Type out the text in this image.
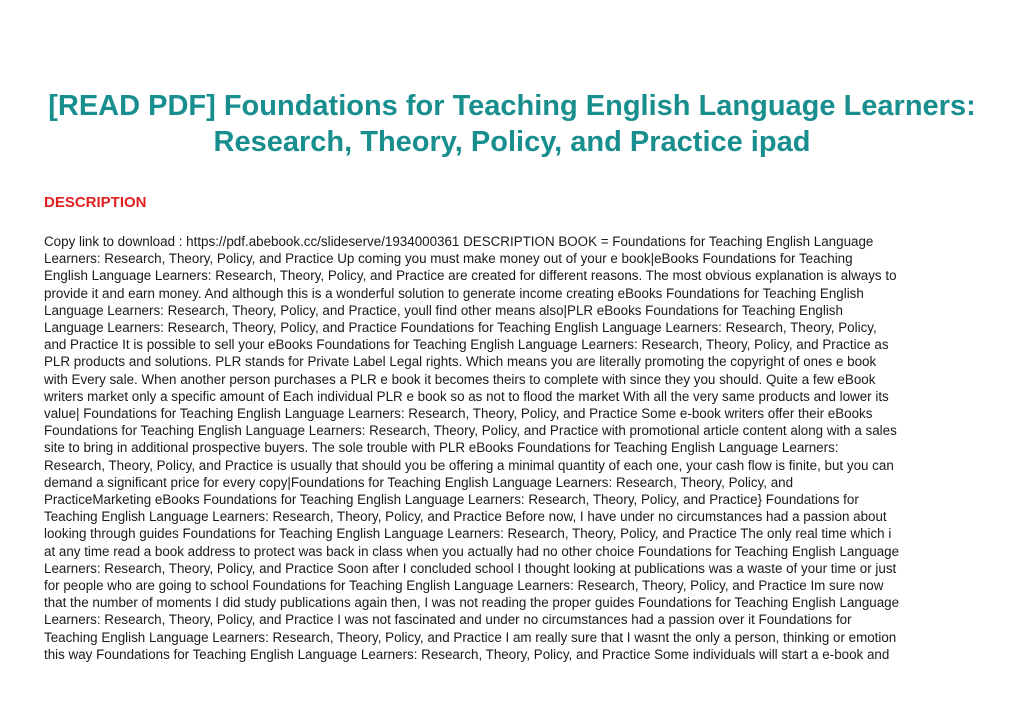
[READ PDF] Foundations for Teaching English Language Learners:
Research, Theory, Policy, and Practice ipad
DESCRIPTION
Copy link to download : https://pdf.abebook.cc/slideserve/1934000361 DESCRIPTION BOOK = Foundations for Teaching English Language
Learners: Research, Theory, Policy, and Practice Up coming you must make money out of your e book|eBooks Foundations for Teaching
English Language Learners: Research, Theory, Policy, and Practice are created for different reasons. The most obvious explanation is always to
provide it and earn money. And although this is a wonderful solution to generate income creating eBooks Foundations for Teaching English
Language Learners: Research, Theory, Policy, and Practice, youll find other means also|PLR eBooks Foundations for Teaching English
Language Learners: Research, Theory, Policy, and Practice Foundations for Teaching English Language Learners: Research, Theory, Policy,
and Practice It is possible to sell your eBooks Foundations for Teaching English Language Learners: Research, Theory, Policy, and Practice as
PLR products and solutions. PLR stands for Private Label Legal rights. Which means you are literally promoting the copyright of ones e book
with Every sale. When another person purchases a PLR e book it becomes theirs to complete with since they you should. Quite a few eBook
writers market only a specific amount of Each individual PLR e book so as not to flood the market With all the very same products and lower its
value| Foundations for Teaching English Language Learners: Research, Theory, Policy, and Practice Some e-book writers offer their eBooks
Foundations for Teaching English Language Learners: Research, Theory, Policy, and Practice with promotional article content along with a sales
site to bring in additional prospective buyers. The sole trouble with PLR eBooks Foundations for Teaching English Language Learners:
Research, Theory, Policy, and Practice is usually that should you be offering a minimal quantity of each one, your cash flow is finite, but you can
demand a significant price for every copy|Foundations for Teaching English Language Learners: Research, Theory, Policy, and
PracticeMarketing eBooks Foundations for Teaching English Language Learners: Research, Theory, Policy, and Practice} Foundations for
Teaching English Language Learners: Research, Theory, Policy, and Practice Before now, I have under no circumstances had a passion about
looking through guides Foundations for Teaching English Language Learners: Research, Theory, Policy, and Practice The only real time which i
at any time read a book address to protect was back in class when you actually had no other choice Foundations for Teaching English Language
Learners: Research, Theory, Policy, and Practice Soon after I concluded school I thought looking at publications was a waste of your time or just
for people who are going to school Foundations for Teaching English Language Learners: Research, Theory, Policy, and Practice Im sure now
that the number of moments I did study publications again then, I was not reading the proper guides Foundations for Teaching English Language
Learners: Research, Theory, Policy, and Practice I was not fascinated and under no circumstances had a passion over it Foundations for
Teaching English Language Learners: Research, Theory, Policy, and Practice I am really sure that I wasnt the only a person, thinking or emotion
this way Foundations for Teaching English Language Learners: Research, Theory, Policy, and Practice Some individuals will start a e-book and
